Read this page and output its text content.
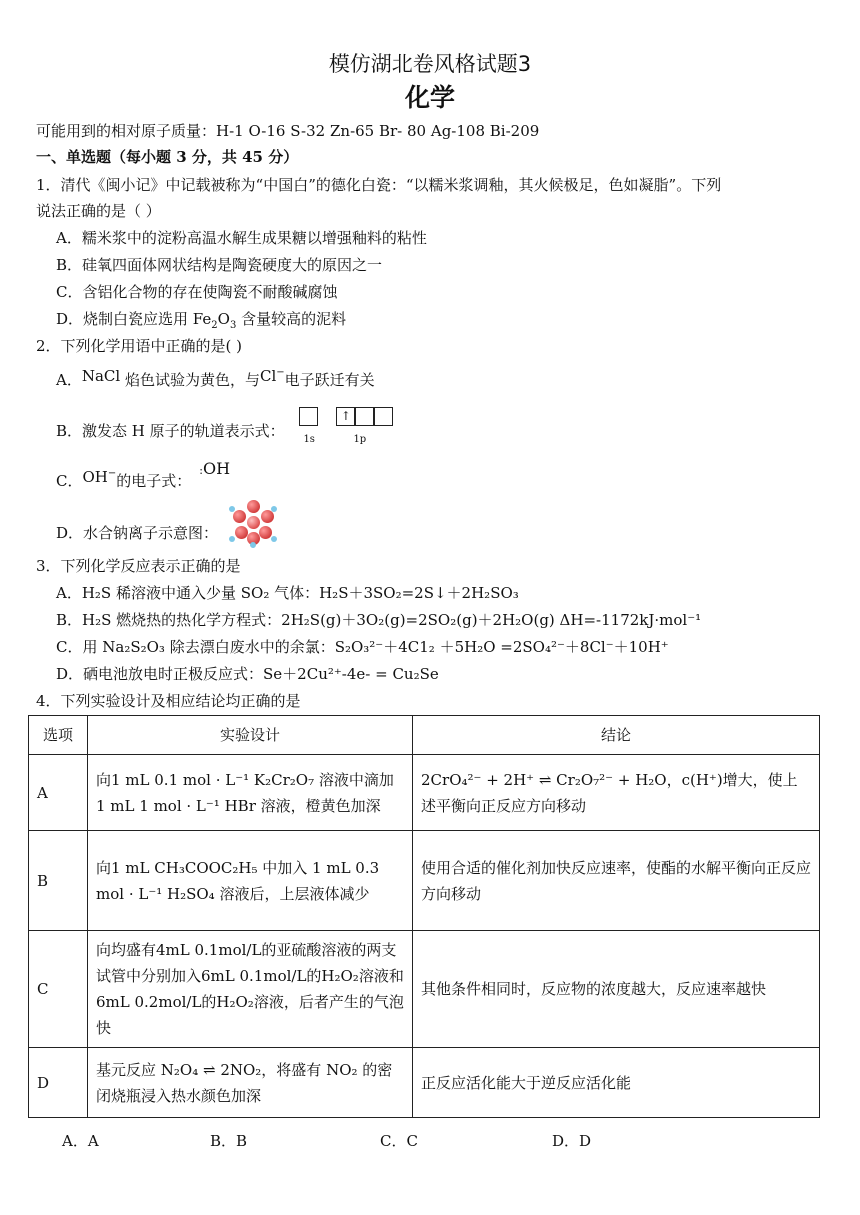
模仿湖北卷风格试题3
化学
可能用到的相对原子质量：H-1 O-16 S-32 Zn-65 Br- 80 Ag-108 Bi-209
一、单选题（每小题 3 分，共 45 分）
1．清代《闽小记》中记载被称为“中国白”的德化白瓷：“以糯米浆调釉，其火候极足，色如凝脂”。下列
说法正确的是（ ）
A．糯米浆中的淀粉高温水解生成果糖以增强釉料的粘性
B．硅氧四面体网状结构是陶瓷硬度大的原因之一
C．含铝化合物的存在使陶瓷不耐酸碱腐蚀
D．烧制白瓷应选用 $Fe_2O_3$ 含量较高的泥料
2．下列化学用语中正确的是( )
A．NaCl 焰色试验为黄色，与Cl−电子跃迁有关
B．激发态 H 原子的轨道表示式： ↑
1s	1p
C．OH−的电子式：:OH
D．水合钠离子示意图：
3．下列化学反应表示正确的是
A．H₂S 稀溶液中通入少量 SO₂ 气体：H₂S＋3SO₂=2S↓＋2H₂SO₃
B．H₂S 燃烧热的热化学方程式：2H₂S(g)＋3O₂(g)=2SO₂(g)＋2H₂O(g) ΔH=-1172kJ·mol⁻¹
C．用 Na₂S₂O₃ 除去漂白废水中的余氯：S₂O₃²⁻＋4C1₂ ＋5H₂O =2SO₄²⁻＋8Cl⁻＋10H⁺
D．硒电池放电时正极反应式：Se＋2Cu²⁺-4e- = Cu₂Se
4．下列实验设计及相应结论均正确的是
选项	实验设计	结论
A	向1 mL 0.1 mol · L⁻¹ K₂Cr₂O₇ 溶液中滴加 1 mL 1 mol · L⁻¹ HBr 溶液，橙黄色加深	2CrO₄²⁻ + 2H⁺ ⇌ Cr₂O₇²⁻ + H₂O，c(H⁺)增大，使上述平衡向正反应方向移动
B	向1 mL CH₃COOC₂H₅ 中加入 1 mL 0.3 mol · L⁻¹ H₂SO₄ 溶液后，上层液体减少	使用合适的催化剂加快反应速率，使酯的水解平衡向正反应方向移动
C	向均盛有4mL 0.1mol/L的亚硫酸溶液的两支试管中分别加入6mL 0.1mol/L的H₂O₂溶液和6mL 0.2mol/L的H₂O₂溶液，后者产生的气泡快	其他条件相同时，反应物的浓度越大，反应速率越快
D	基元反应 N₂O₄ ⇌ 2NO₂，将盛有 NO₂ 的密闭烧瓶浸入热水颜色加深	正反应活化能大于逆反应活化能
A．A	B．B	C．C	D．D
